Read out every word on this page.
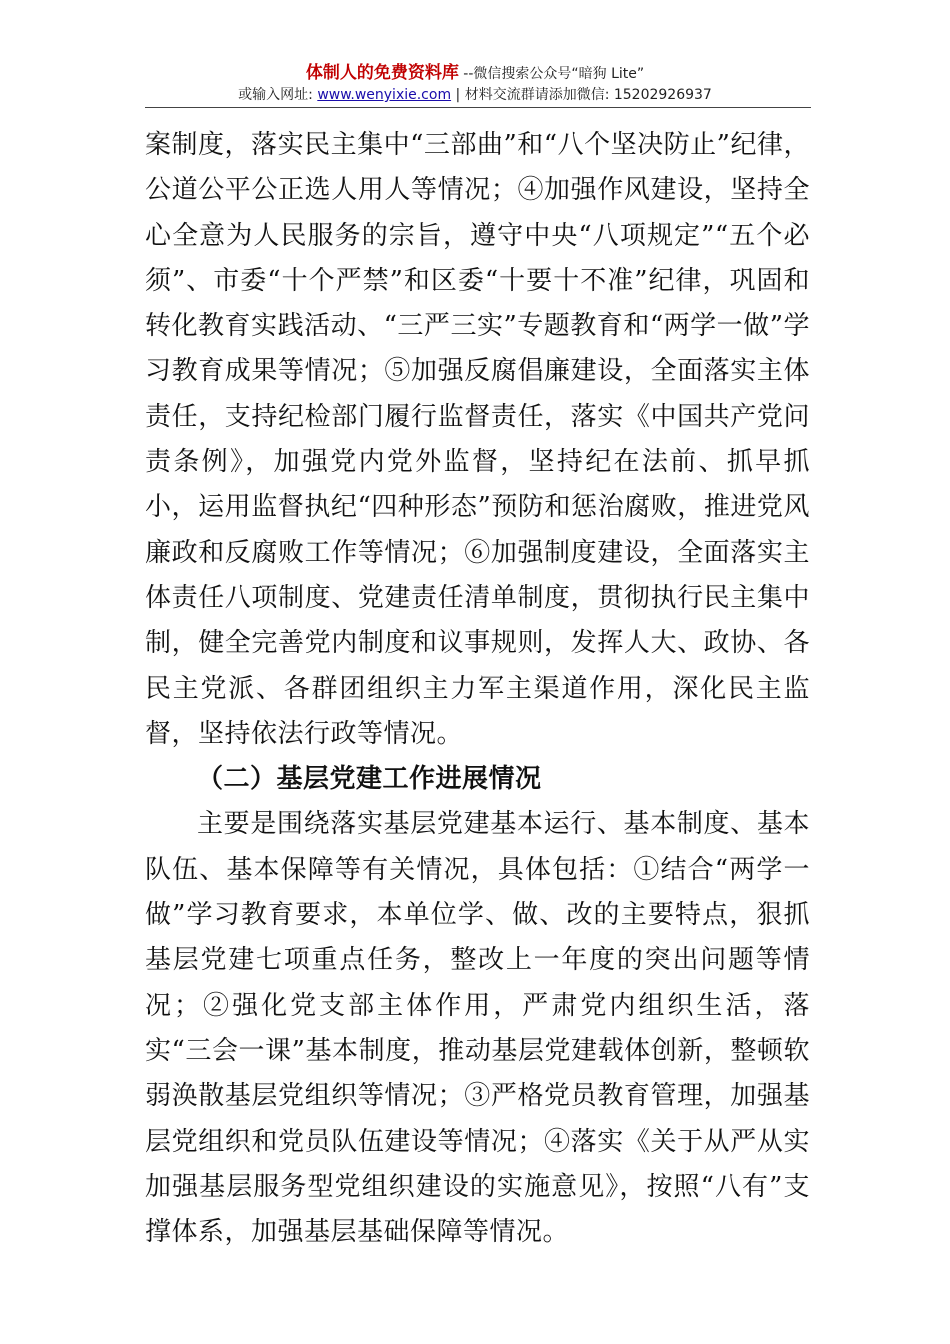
体制人的免费资料库 --微信搜索公众号“暗狗 Lite”
或输入网址: www.wenyixie.com | 材料交流群请添加微信: 15202926937

案制度，落实民主集中“三部曲”和“八个坚决防止”纪律，公道公平公正选人用人等情况；④加强作风建设，坚持全心全意为人民服务的宗旨，遵守中央“八项规定”“五个必须”、市委“十个严禁”和区委“十要十不准”纪律，巩固和转化教育实践活动、“三严三实”专题教育和“两学一做”学习教育成果等情况；⑤加强反腐倡廉建设，全面落实主体责任，支持纪检部门履行监督责任，落实《中国共产党问责条例》，加强党内党外监督，坚持纪在法前、抓早抓小，运用监督执纪“四种形态”预防和惩治腐败，推进党风廉政和反腐败工作等情况；⑥加强制度建设，全面落实主体责任八项制度、党建责任清单制度，贯彻执行民主集中制，健全完善党内制度和议事规则，发挥人大、政协、各民主党派、各群团组织主力军主渠道作用，深化民主监督，坚持依法行政等情况。

（二）基层党建工作进展情况

主要是围绕落实基层党建基本运行、基本制度、基本队伍、基本保障等有关情况，具体包括：①结合“两学一做”学习教育要求，本单位学、做、改的主要特点，狠抓基层党建七项重点任务，整改上一年度的突出问题等情况；②强化党支部主体作用，严肃党内组织生活，落实“三会一课”基本制度，推动基层党建载体创新，整顿软弱涣散基层党组织等情况；③严格党员教育管理，加强基层党组织和党员队伍建设等情况；④落实《关于从严从实加强基层服务型党组织建设的实施意见》，按照“八有”支撑体系，加强基层基础保障等情况。
